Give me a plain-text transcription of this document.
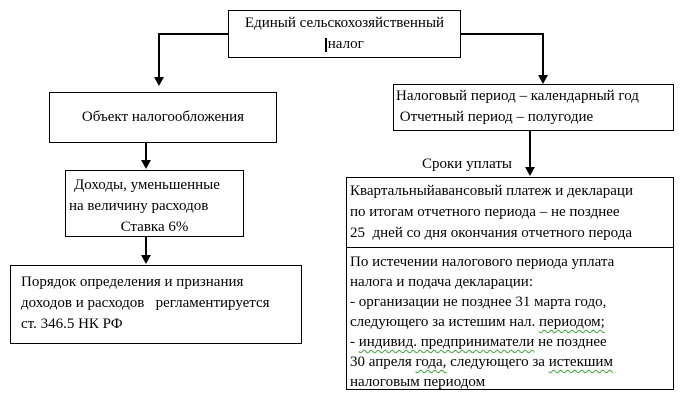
Единый сельскохозяйственный
налог
Объект налогообложения
Доходы, уменьшенные
на величину расходов
Ставка 6%
Порядок определения и признания
доходов и расходов   регламентируется
ст. 346.5 НК РФ
Налоговый период – календарный год
Отчетный период – полугодие
Сроки уплаты
Квартальныйавансовый платеж и деклараци
по итогам отчетного периода – не позднее
25  дней со дня окончания отчетного перода
По истечении налогового периода уплата
налога и подача декларации:
- организации не позднее 31 марта годо,
следующего за истешим нал. периодом;
- индивид. предприниматели не позднее
30 апреля года, следующего за истекшим
налоговым периодом
